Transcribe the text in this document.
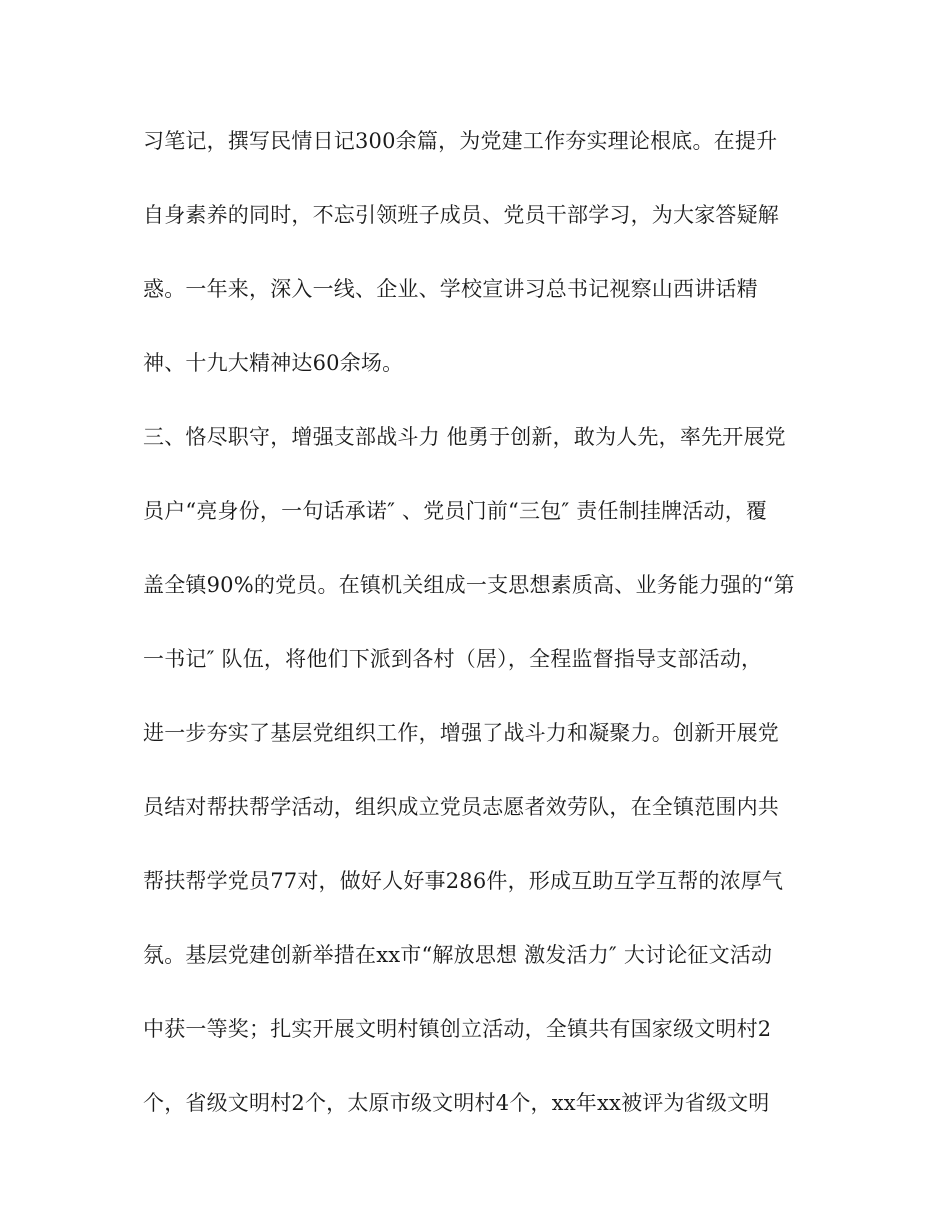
习笔记，撰写民情日记300余篇，为党建工作夯实理论根底。在提升
自身素养的同时，不忘引领班子成员、党员干部学习，为大家答疑解
惑。一年来，深入一线、企业、学校宣讲习总书记视察山西讲话精
神、十九大精神达60余场。
三、恪尽职守，增强支部战斗力 他勇于创新，敢为人先，率先开展党
员户“亮身份，一句话承诺″ 、党员门前“三包″ 责任制挂牌活动，覆
盖全镇90%的党员。在镇机关组成一支思想素质高、业务能力强的“第
一书记″ 队伍，将他们下派到各村（居），全程监督指导支部活动，
进一步夯实了基层党组织工作，增强了战斗力和凝聚力。创新开展党
员结对帮扶帮学活动，组织成立党员志愿者效劳队，在全镇范围内共
帮扶帮学党员77对，做好人好事286件，形成互助互学互帮的浓厚气
氛。基层党建创新举措在xx市“解放思想 激发活力″ 大讨论征文活动
中获一等奖；扎实开展文明村镇创立活动，全镇共有国家级文明村2
个，省级文明村2个，太原市级文明村4个，xx年xx被评为省级文明
